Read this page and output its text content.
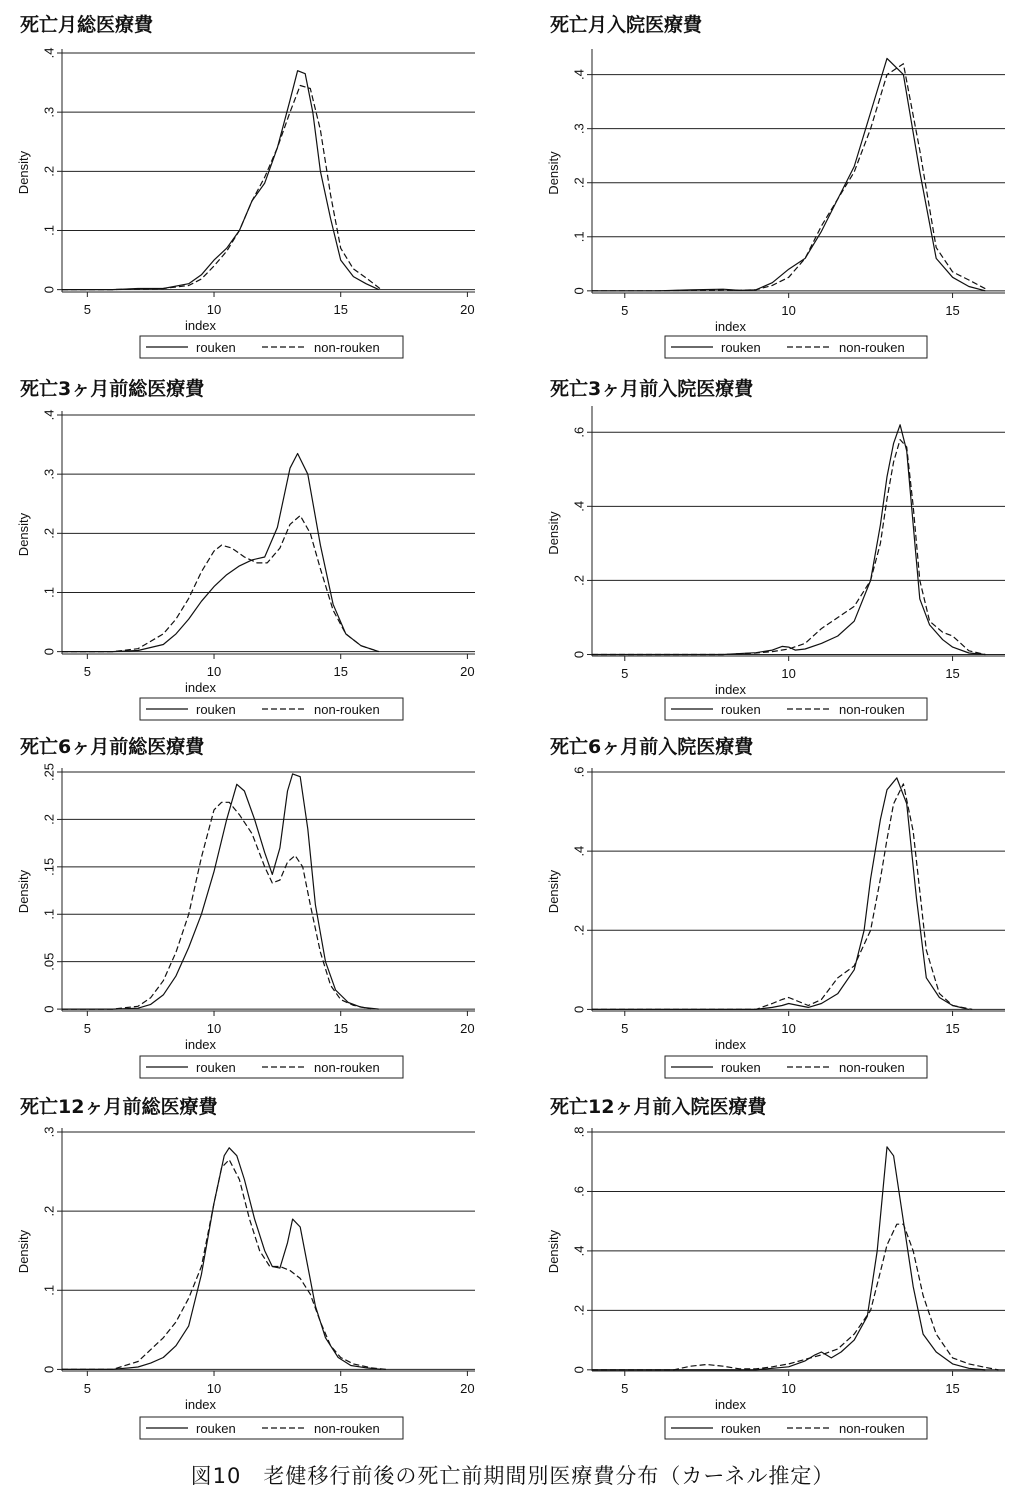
死亡月総医療費	死亡月入院医療費
死亡3ヶ月前総医療費	死亡3ヶ月前入院医療費
死亡6ヶ月前総医療費	死亡6ヶ月前入院医療費
死亡12ヶ月前総医療費	死亡12ヶ月前入院医療費
0
.1
.2
.3
.4
5	10	15	20
index
Density
rouken	non-rouken
0
.1
.2
.3
.4
5	10	15
index
Density
rouken	non-rouken
0
.1
.2
.3
.4
5	10	15	20
index
Density
rouken	non-rouken
0
.2
.4
.6
5	10	15
index
Density
rouken	non-rouken
0
.05
.1
.15
.2
.25
5	10	15	20
index
Density
rouken	non-rouken
0
.2
.4
.6
5	10	15
index
Density
rouken	non-rouken
0
.1
.2
.3
5	10	15	20
index
Density
rouken	non-rouken
0
.2
.4
.6
.8
5	10	15
index
Density
rouken	non-rouken
図10　老健移行前後の死亡前期間別医療費分布（カーネル推定）
